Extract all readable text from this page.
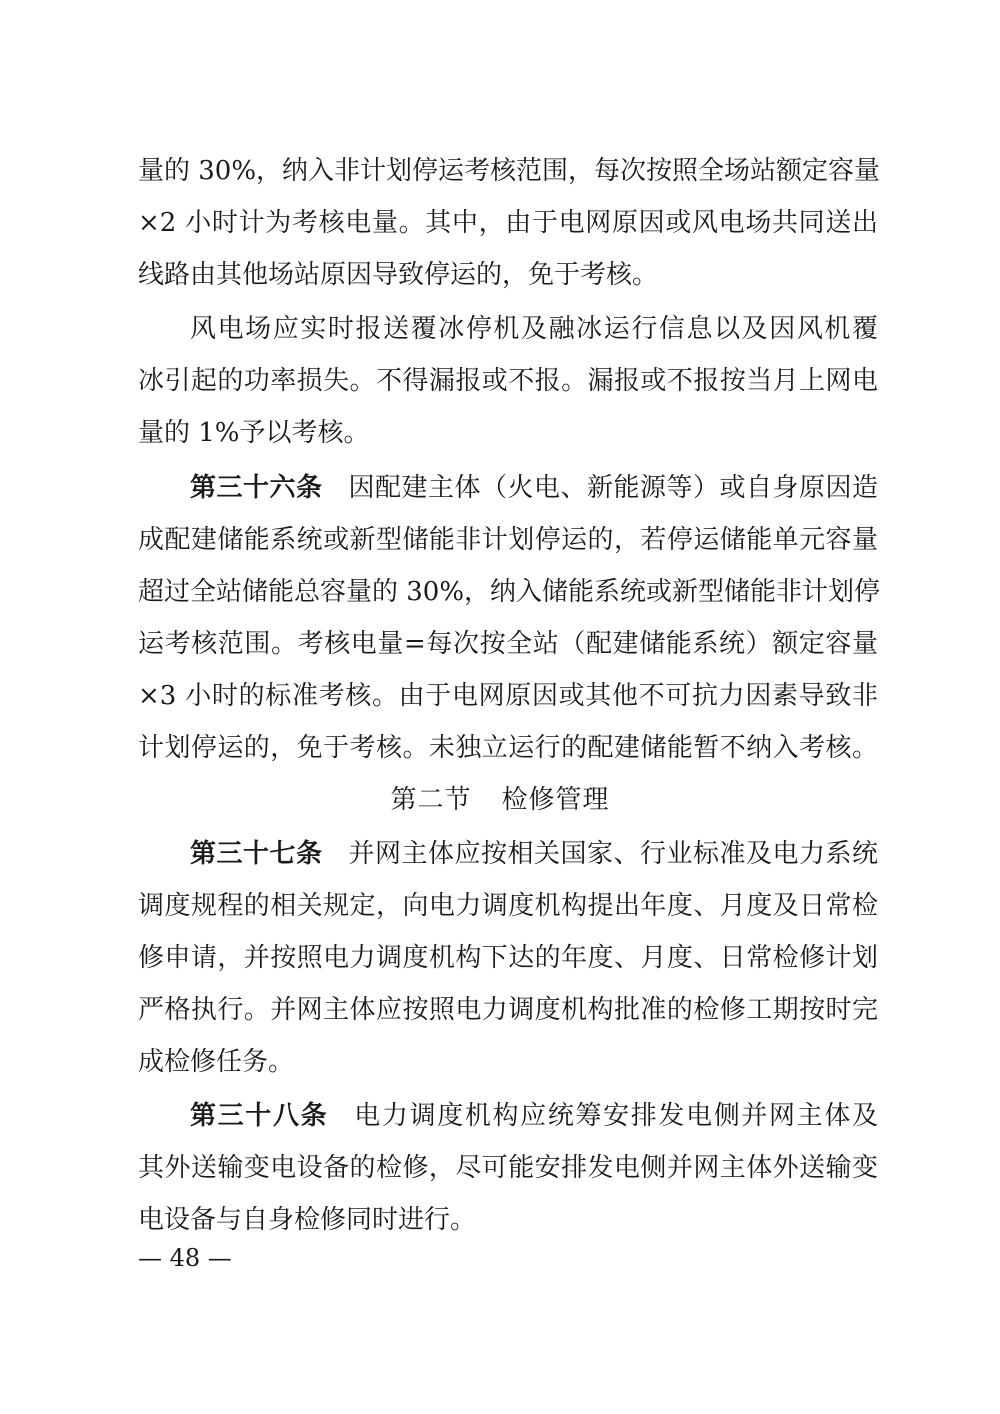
量的 30%，纳入非计划停运考核范围，每次按照全场站额定容量
×2 小时计为考核电量。其中，由于电网原因或风电场共同送出
线路由其他场站原因导致停运的，免于考核。
风电场应实时报送覆冰停机及融冰运行信息以及因风机覆
冰引起的功率损失。不得漏报或不报。漏报或不报按当月上网电
量的 1%予以考核。
第三十六条 因配建主体（火电、新能源等）或自身原因造
成配建储能系统或新型储能非计划停运的，若停运储能单元容量
超过全站储能总容量的 30%，纳入储能系统或新型储能非计划停
运考核范围。考核电量=每次按全站（配建储能系统）额定容量
×3 小时的标准考核。由于电网原因或其他不可抗力因素导致非
计划停运的，免于考核。未独立运行的配建储能暂不纳入考核。
第二节 检修管理
第三十七条 并网主体应按相关国家、行业标准及电力系统
调度规程的相关规定，向电力调度机构提出年度、月度及日常检
修申请，并按照电力调度机构下达的年度、月度、日常检修计划
严格执行。并网主体应按照电力调度机构批准的检修工期按时完
成检修任务。
第三十八条 电力调度机构应统筹安排发电侧并网主体及
其外送输变电设备的检修，尽可能安排发电侧并网主体外送输变
电设备与自身检修同时进行。
— 48 —
